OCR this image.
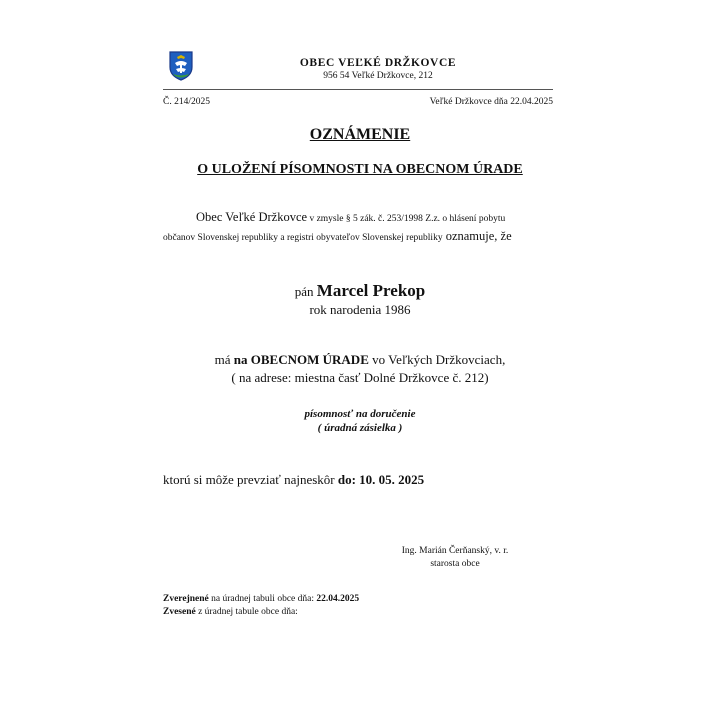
OBEC VEĽKÉ DRŽKOVCE
956 54 Veľké Držkovce, 212
Č. 214/2025	Veľké Držkovce dňa 22.04.2025
OZNÁMENIE
O ULOŽENÍ PÍSOMNOSTI NA OBECNOM ÚRADE
Obec Veľké Držkovce v zmysle § 5 zák. č. 253/1998 Z.z. o hlásení pobytu
občanov Slovenskej republiky a registri obyvateľov Slovenskej republiky oznamuje, že
pán Marcel Prekop
rok narodenia 1986
má na OBECNOM ÚRADE vo Veľkých Držkovciach,
( na adrese: miestna časť Dolné Držkovce č. 212)
písomnosť na doručenie
( úradná zásielka )
ktorú si môže prevziať najneskôr do: 10. 05. 2025
Ing. Marián Čerňanský, v. r.
starosta obce
Zverejnené na úradnej tabuli obce dňa: 22.04.2025
Zvesené z úradnej tabule obce dňa:
